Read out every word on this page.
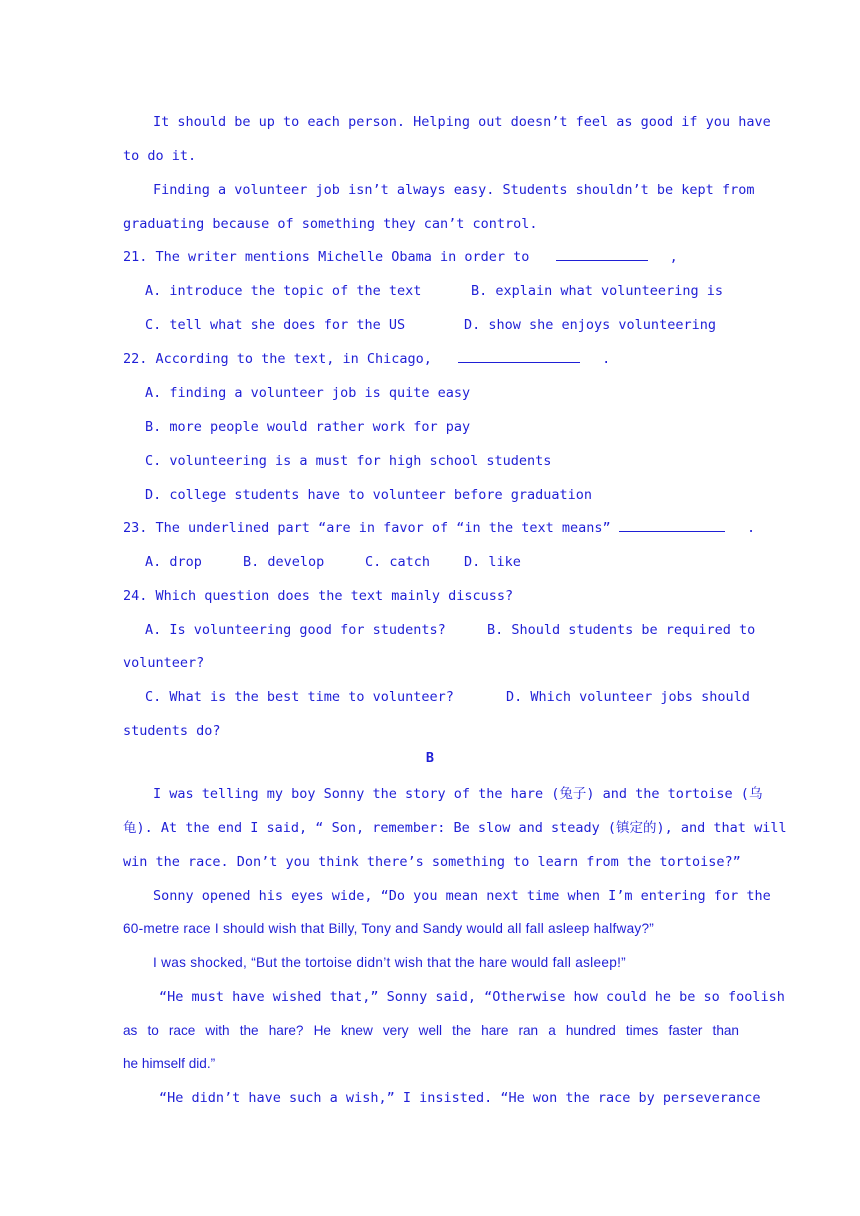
It should be up to each person. Helping out doesn’t feel as good if you have
to do it.
Finding a volunteer job isn’t always easy. Students shouldn’t be kept from
graduating because of something they can’t control.
21. The writer mentions Michelle Obama in order to	,
A. introduce the topic of the text	B. explain what volunteering is
C. tell what she does for the US	D. show she enjoys volunteering
22. According to the text, in Chicago,	.
A. finding a volunteer job is quite easy
B. more people would rather work for pay
C. volunteering is a must for high school students
D. college students have to volunteer before graduation
23. The underlined part “are in favor of “in the text means”	.
A. drop	B. develop	C. catch	D. like
24. Which question does the text mainly discuss?
A. Is volunteering good for students?	B. Should students be required to
volunteer?
C. What is the best time to volunteer?	D. Which volunteer jobs should
students do?
B
I was telling my boy Sonny the story of the hare (兔子) and the tortoise (乌
龟). At the end I said, “ Son, remember: Be slow and steady (镇定的), and that will
win the race. Don’t you think there’s something to learn from the tortoise?”
Sonny opened his eyes wide, “Do you mean next time when I’m entering for the
60-metre race I should wish that Billy, Tony and Sandy would all fall asleep halfway?”
I was shocked, “But the tortoise didn’t wish that the hare would fall asleep!”
“He must have wished that,” Sonny said, “Otherwise how could he be so foolish
as to race with the hare? He knew very well the hare ran a hundred times faster than
he himself did.”
“He didn’t have such a wish,” I insisted. “He won the race by perseverance
